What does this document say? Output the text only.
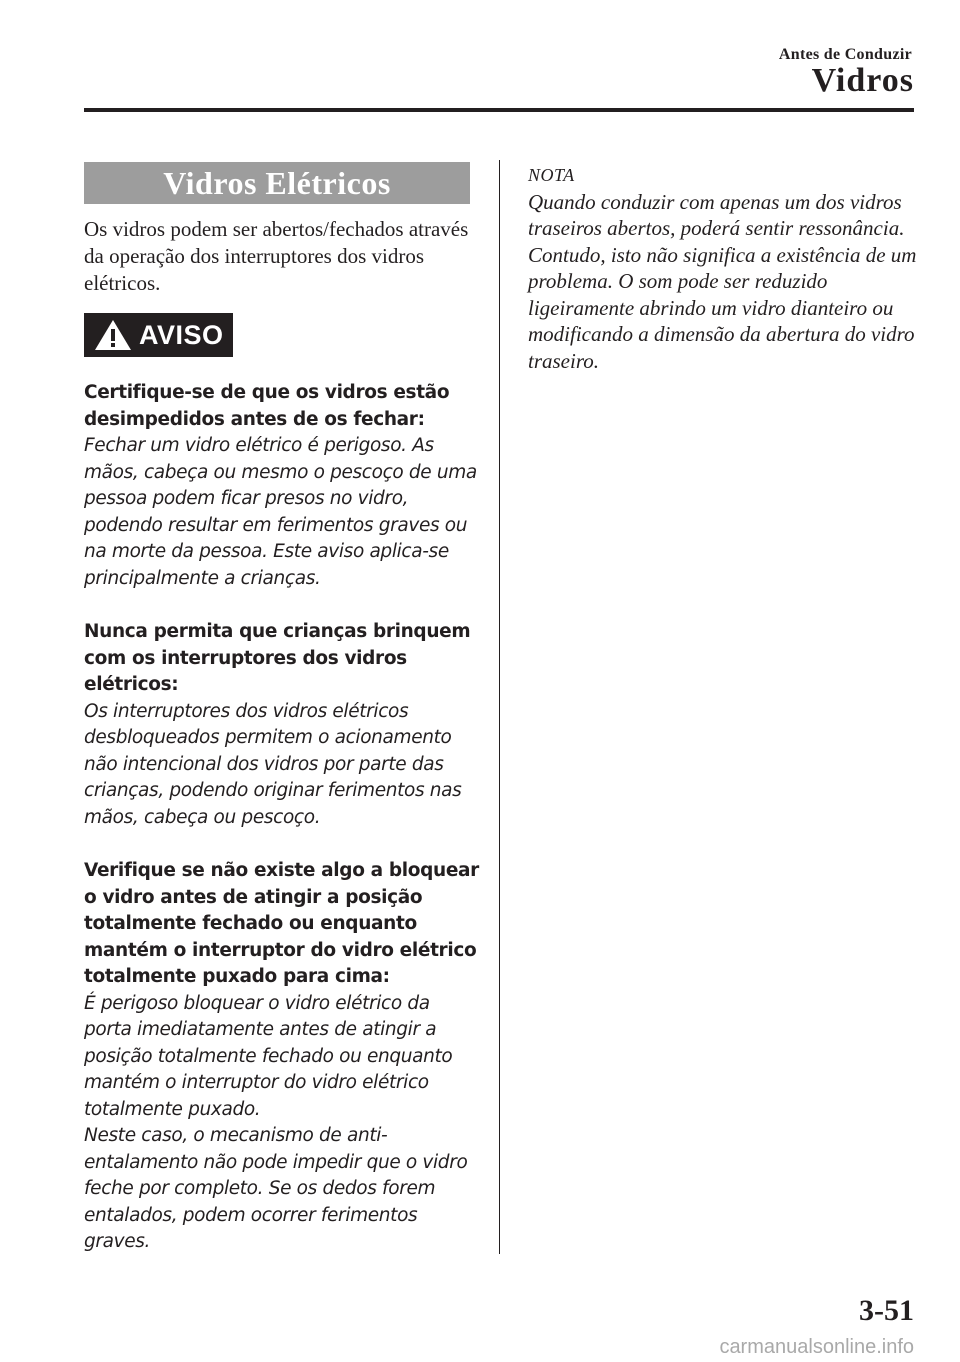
Antes de Conduzir
Vidros
Vidros Elétricos
Os vidros podem ser abertos/fechados através da operação dos interruptores dos vidros elétricos.
AVISO
Certifique-se de que os vidros estão desimpedidos antes de os fechar:
Fechar um vidro elétrico é perigoso. As mãos, cabeça ou mesmo o pescoço de uma pessoa podem ficar presos no vidro, podendo resultar em ferimentos graves ou na morte da pessoa. Este aviso aplica-se principalmente a crianças.
Nunca permita que crianças brinquem com os interruptores dos vidros elétricos:
Os interruptores dos vidros elétricos desbloqueados permitem o acionamento não intencional dos vidros por parte das crianças, podendo originar ferimentos nas mãos, cabeça ou pescoço.
Verifique se não existe algo a bloquear o vidro antes de atingir a posição totalmente fechado ou enquanto mantém o interruptor do vidro elétrico totalmente puxado para cima:
É perigoso bloquear o vidro elétrico da porta imediatamente antes de atingir a posição totalmente fechado ou enquanto mantém o interruptor do vidro elétrico totalmente puxado.
Neste caso, o mecanismo de anti-entalamento não pode impedir que o vidro feche por completo. Se os dedos forem entalados, podem ocorrer ferimentos graves.
NOTA
Quando conduzir com apenas um dos vidros traseiros abertos, poderá sentir ressonância. Contudo, isto não significa a existência de um problema. O som pode ser reduzido ligeiramente abrindo um vidro dianteiro ou modificando a dimensão da abertura do vidro traseiro.
3-51
carmanualsonline.info
